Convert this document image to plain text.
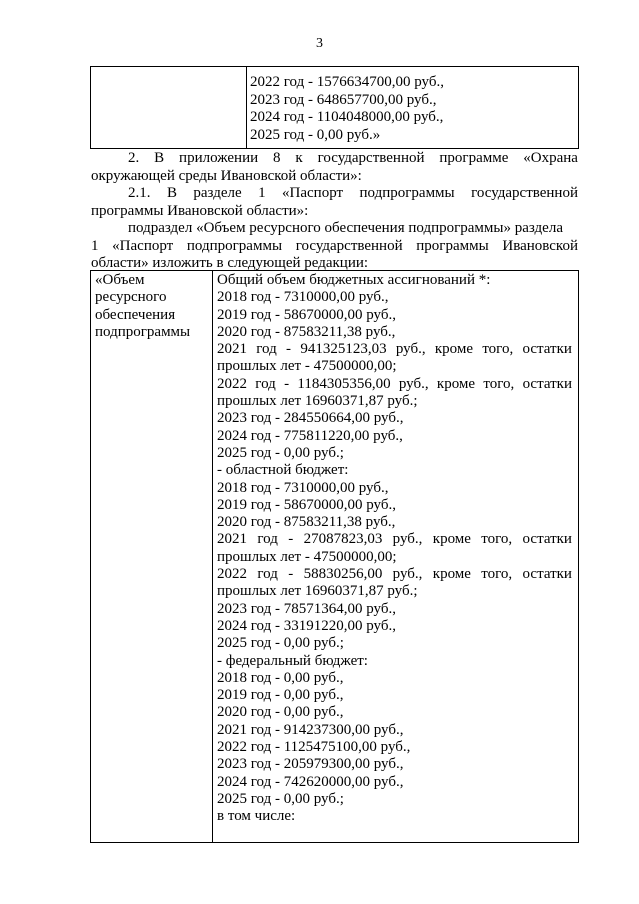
3
2022 год - 1576634700,00 руб.,
2023 год - 648657700,00 руб.,
2024 год - 1104048000,00 руб.,
2025 год - 0,00 руб.»
2. В приложении 8 к государственной программе «Охрана
окружающей среды Ивановской области»:
2.1. В разделе 1 «Паспорт подпрограммы государственной
программы Ивановской области»:
подраздел «Объем ресурсного обеспечения подпрограммы» раздела
1 «Паспорт подпрограммы государственной программы Ивановской
области» изложить в следующей редакции:
«Объем
ресурсного
обеспечения
подпрограммы
Общий объем бюджетных ассигнований *:
2018 год - 7310000,00 руб.,
2019 год - 58670000,00 руб.,
2020 год - 87583211,38 руб.,
2021 год - 941325123,03 руб., кроме того, остатки
прошлых лет - 47500000,00;
2022 год - 1184305356,00 руб., кроме того, остатки
прошлых лет 16960371,87 руб.;
2023 год - 284550664,00 руб.,
2024 год - 775811220,00 руб.,
2025 год - 0,00 руб.;
- областной бюджет:
2018 год - 7310000,00 руб.,
2019 год - 58670000,00 руб.,
2020 год - 87583211,38 руб.,
2021 год - 27087823,03 руб., кроме того, остатки
прошлых лет - 47500000,00;
2022 год - 58830256,00 руб., кроме того, остатки
прошлых лет 16960371,87 руб.;
2023 год - 78571364,00 руб.,
2024 год - 33191220,00 руб.,
2025 год - 0,00 руб.;
- федеральный бюджет:
2018 год - 0,00 руб.,
2019 год - 0,00 руб.,
2020 год - 0,00 руб.,
2021 год - 914237300,00 руб.,
2022 год - 1125475100,00 руб.,
2023 год - 205979300,00 руб.,
2024 год - 742620000,00 руб.,
2025 год - 0,00 руб.;
в том числе:
